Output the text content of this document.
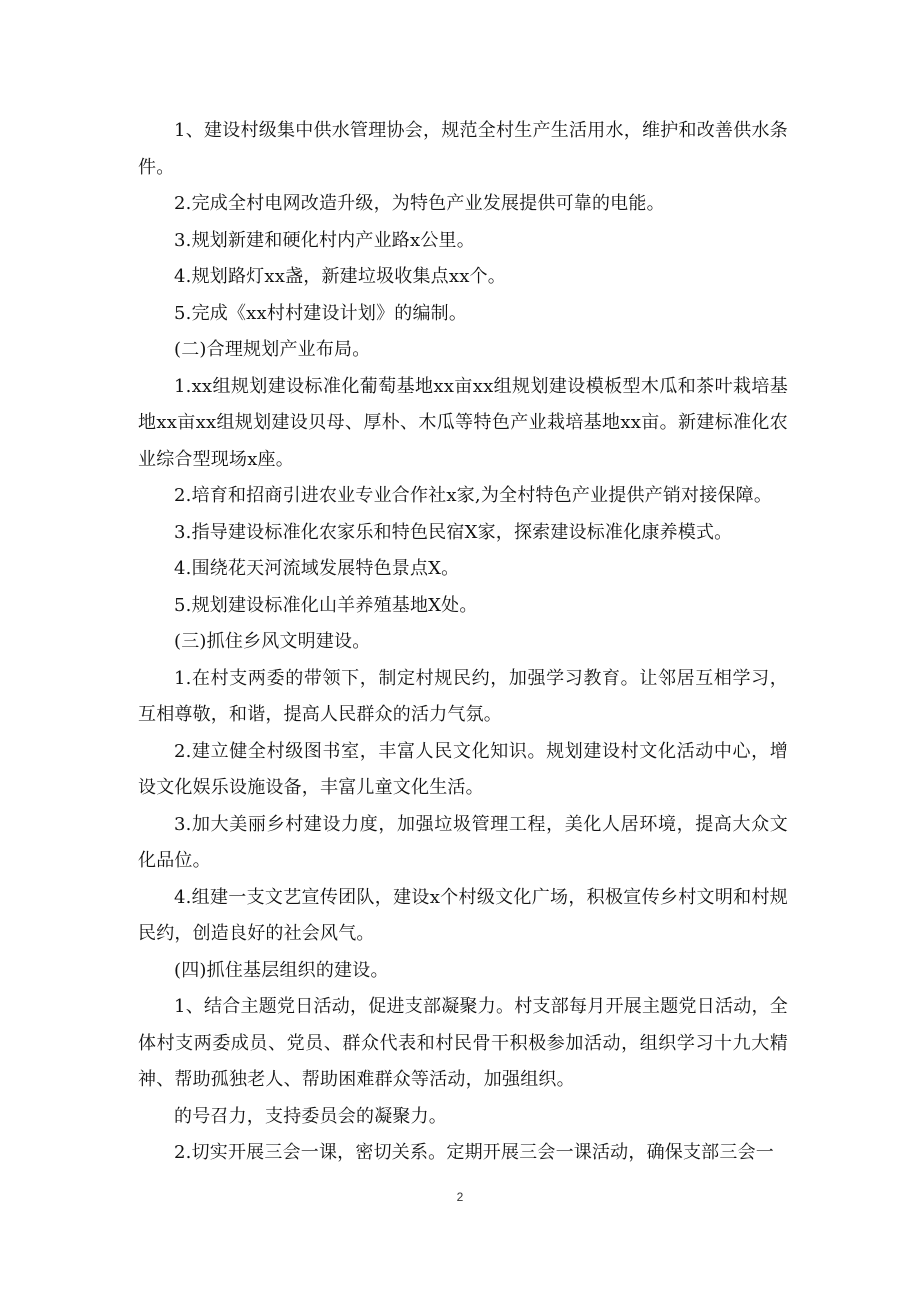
1、建设村级集中供水管理协会，规范全村生产生活用水，维护和改善供水条件。

2.完成全村电网改造升级，为特色产业发展提供可靠的电能。

3.规划新建和硬化村内产业路x公里。

4.规划路灯xx盏，新建垃圾收集点xx个。

5.完成《xx村村建设计划》的编制。

(二)合理规划产业布局。

1.xx组规划建设标准化葡萄基地xx亩xx组规划建设模板型木瓜和茶叶栽培基地xx亩xx组规划建设贝母、厚朴、木瓜等特色产业栽培基地xx亩。新建标准化农业综合型现场x座。

2.培育和招商引进农业专业合作社x家,为全村特色产业提供产销对接保障。

3.指导建设标准化农家乐和特色民宿X家，探索建设标准化康养模式。

4.围绕花天河流域发展特色景点X。

5.规划建设标准化山羊养殖基地X处。

(三)抓住乡风文明建设。

1.在村支两委的带领下，制定村规民约，加强学习教育。让邻居互相学习，互相尊敬，和谐，提高人民群众的活力气氛。

2.建立健全村级图书室，丰富人民文化知识。规划建设村文化活动中心，增设文化娱乐设施设备，丰富儿童文化生活。

3.加大美丽乡村建设力度，加强垃圾管理工程，美化人居环境，提高大众文化品位。

4.组建一支文艺宣传团队，建设x个村级文化广场，积极宣传乡村文明和村规民约，创造良好的社会风气。

(四)抓住基层组织的建设。

1、结合主题党日活动，促进支部凝聚力。村支部每月开展主题党日活动，全体村支两委成员、党员、群众代表和村民骨干积极参加活动，组织学习十九大精神、帮助孤独老人、帮助困难群众等活动，加强组织。

的号召力，支持委员会的凝聚力。

2.切实开展三会一课，密切关系。定期开展三会一课活动，确保支部三会一

2
